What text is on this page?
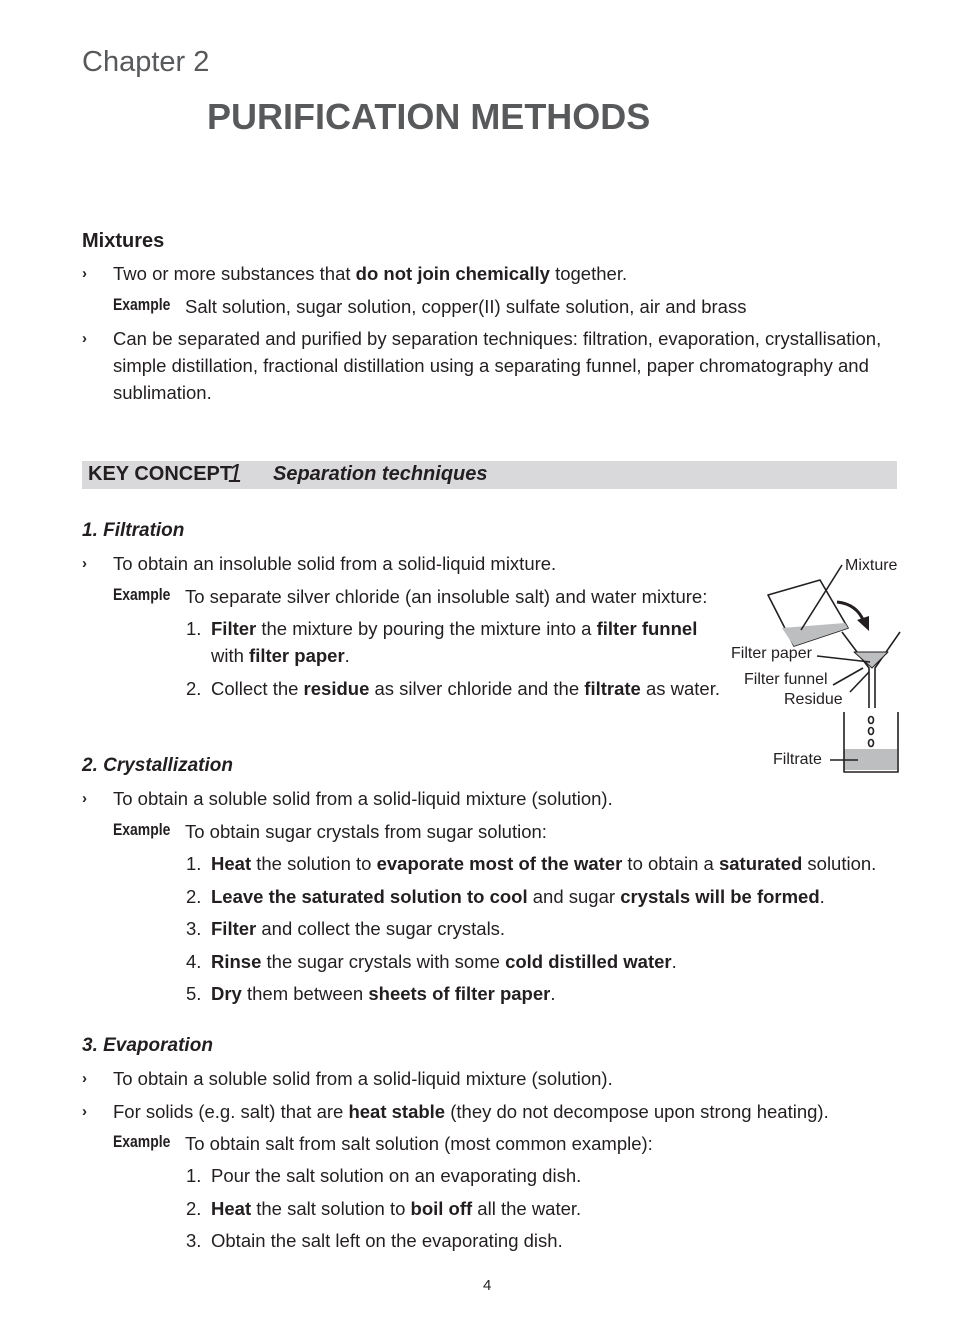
Chapter 2
PURIFICATION METHODS
Mixtures
› Two or more substances that do not join chemically together.
Example Salt solution, sugar solution, copper(II) sulfate solution, air and brass
› Can be separated and purified by separation techniques: filtration, evaporation, crystallisation,
simple distillation, fractional distillation using a separating funnel, paper chromatography and
sublimation.
KEY CONCEPT
1 Separation techniques
1. Filtration
› To obtain an insoluble solid from a solid-liquid mixture.
Example To separate silver chloride (an insoluble salt) and water mixture:
1. Filter the mixture by pouring the mixture into a filter funnel
with filter paper.
2. Collect the residue as silver chloride and the filtrate as water.
Mixture
Filter paper
Filter funnel
Residue
Filtrate
2. Crystallization
› To obtain a soluble solid from a solid-liquid mixture (solution).
Example To obtain sugar crystals from sugar solution:
1. Heat the solution to evaporate most of the water to obtain a saturated solution.
2. Leave the saturated solution to cool and sugar crystals will be formed.
3. Filter and collect the sugar crystals.
4. Rinse the sugar crystals with some cold distilled water.
5. Dry them between sheets of filter paper.
3. Evaporation
› To obtain a soluble solid from a solid-liquid mixture (solution).
› For solids (e.g. salt) that are heat stable (they do not decompose upon strong heating).
Example To obtain salt from salt solution (most common example):
1. Pour the salt solution on an evaporating dish.
2. Heat the salt solution to boil off all the water.
3. Obtain the salt left on the evaporating dish.
4
